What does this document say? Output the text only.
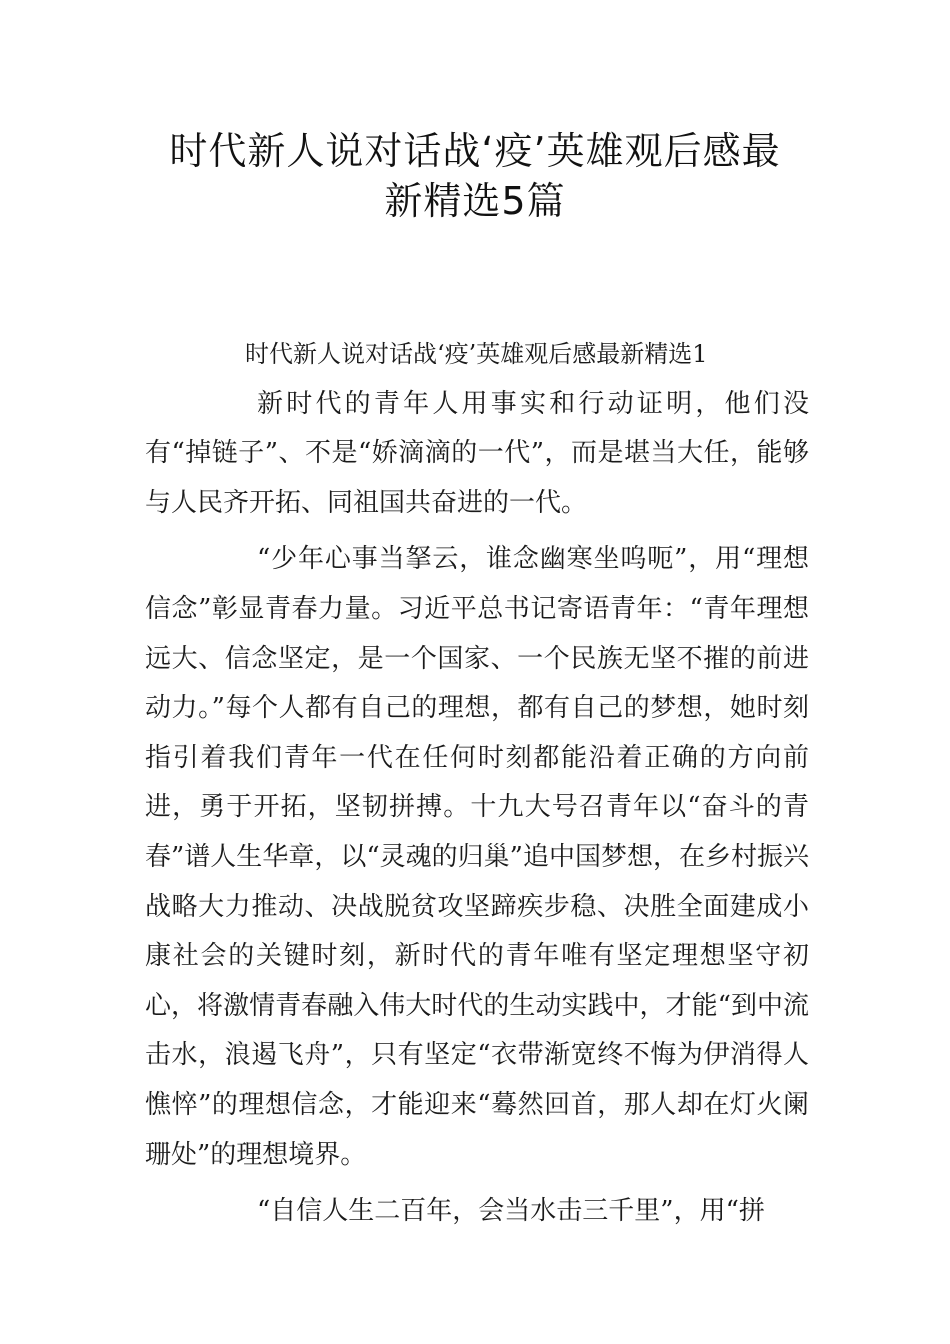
时代新人说对话战‘疫’英雄观后感最
新精选5篇

时代新人说对话战‘疫’英雄观后感最新精选1

新时代的青年人用事实和行动证明，他们没有“掉链子”、不是“娇滴滴的一代”，而是堪当大任，能够与人民齐开拓、同祖国共奋进的一代。

“少年心事当拏云，谁念幽寒坐呜呃”，用“理想信念”彰显青春力量。习近平总书记寄语青年：“青年理想远大、信念坚定，是一个国家、一个民族无坚不摧的前进动力。”每个人都有自己的理想，都有自己的梦想，她时刻指引着我们青年一代在任何时刻都能沿着正确的方向前进，勇于开拓，坚韧拼搏。十九大号召青年以“奋斗的青春”谱人生华章，以“灵魂的归巢”追中国梦想，在乡村振兴战略大力推动、决战脱贫攻坚蹄疾步稳、决胜全面建成小康社会的关键时刻，新时代的青年唯有坚定理想坚守初心，将激情青春融入伟大时代的生动实践中，才能“到中流击水，浪遏飞舟”，只有坚定“衣带渐宽终不悔为伊消得人憔悴”的理想信念，才能迎来“蓦然回首，那人却在灯火阑珊处”的理想境界。

“自信人生二百年，会当水击三千里”，用“拼
